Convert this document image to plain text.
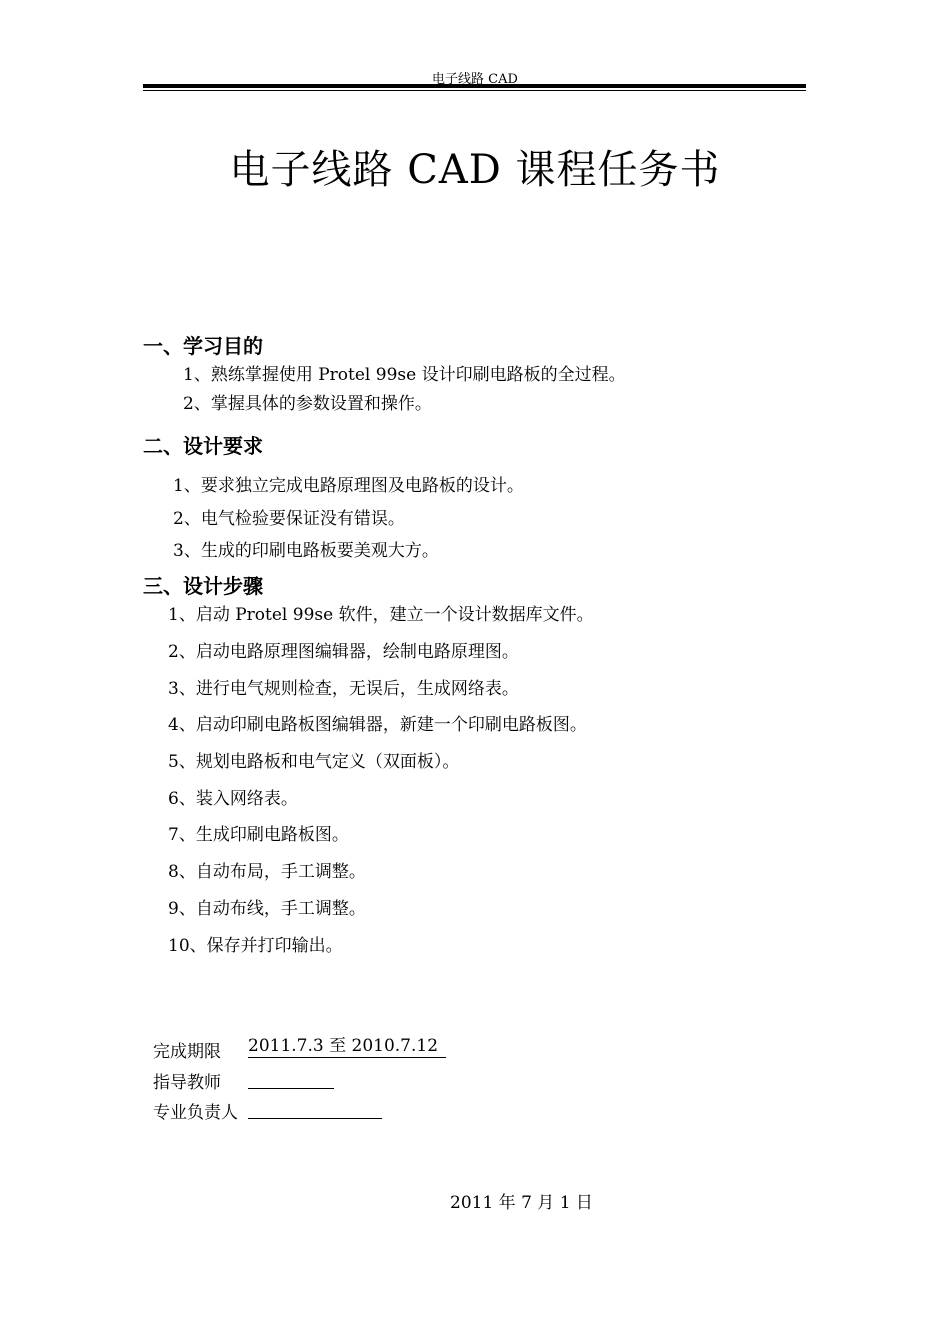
电子线路 CAD
电子线路 CAD 课程任务书
一、学习目的
1、熟练掌握使用 Protel 99se 设计印刷电路板的全过程。
2、掌握具体的参数设置和操作。
二、设计要求
1、要求独立完成电路原理图及电路板的设计。
2、电气检验要保证没有错误。
3、生成的印刷电路板要美观大方。
三、设计步骤
1、启动 Protel 99se 软件，建立一个设计数据库文件。
2、启动电路原理图编辑器，绘制电路原理图。
3、进行电气规则检查，无误后，生成网络表。
4、启动印刷电路板图编辑器，新建一个印刷电路板图。
5、规划电路板和电气定义（双面板）。
6、装入网络表。
7、生成印刷电路板图。
8、自动布局，手工调整。
9、自动布线，手工调整。
10、保存并打印输出。
完成期限 2011.7.3 至 2010.7.12
指导教师
专业负责人
2011 年 7 月 1 日
